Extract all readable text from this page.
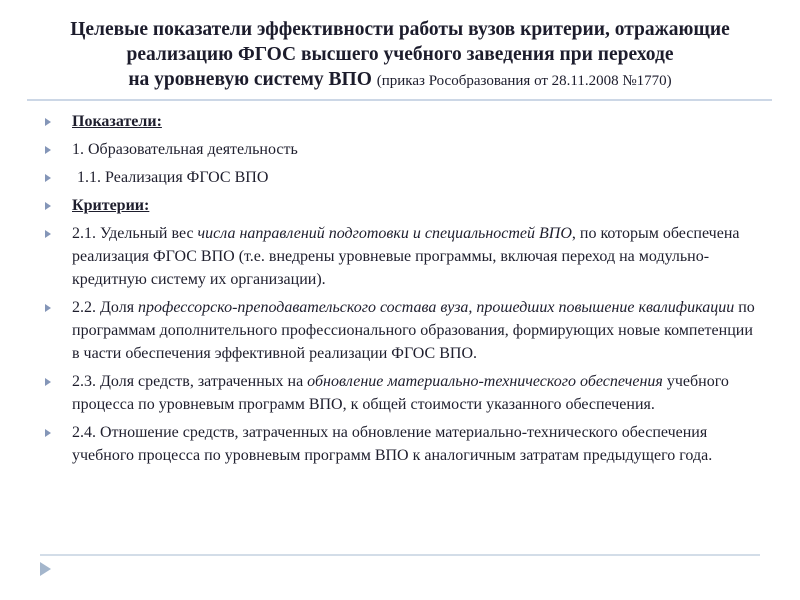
Целевые показатели эффективности работы вузов критерии, отражающие
реализацию ФГОС высшего учебного заведения при переходе
на уровневую систему ВПО (приказ Рособразования от 28.11.2008 №1770)
Показатели:
1. Образовательная деятельность
1.1. Реализация ФГОС ВПО
Критерии:
2.1. Удельный вес числа направлений подготовки и специальностей ВПО, по которым обеспечена реализация ФГОС ВПО (т.е. внедрены уровневые программы, включая переход на модульно-кредитную систему их организации).
2.2. Доля профессорско-преподавательского состава вуза, прошедших повышение квалификации по программам дополнительного профессионального образования, формирующих новые компетенции в части обеспечения эффективной реализации ФГОС ВПО.
2.3. Доля средств, затраченных на обновление материально-технического обеспечения учебного процесса по уровневым программ ВПО, к общей стоимости указанного обеспечения.
2.4. Отношение средств, затраченных на обновление материально-технического обеспечения учебного процесса по уровневым программ ВПО к аналогичным затратам предыдущего года.
